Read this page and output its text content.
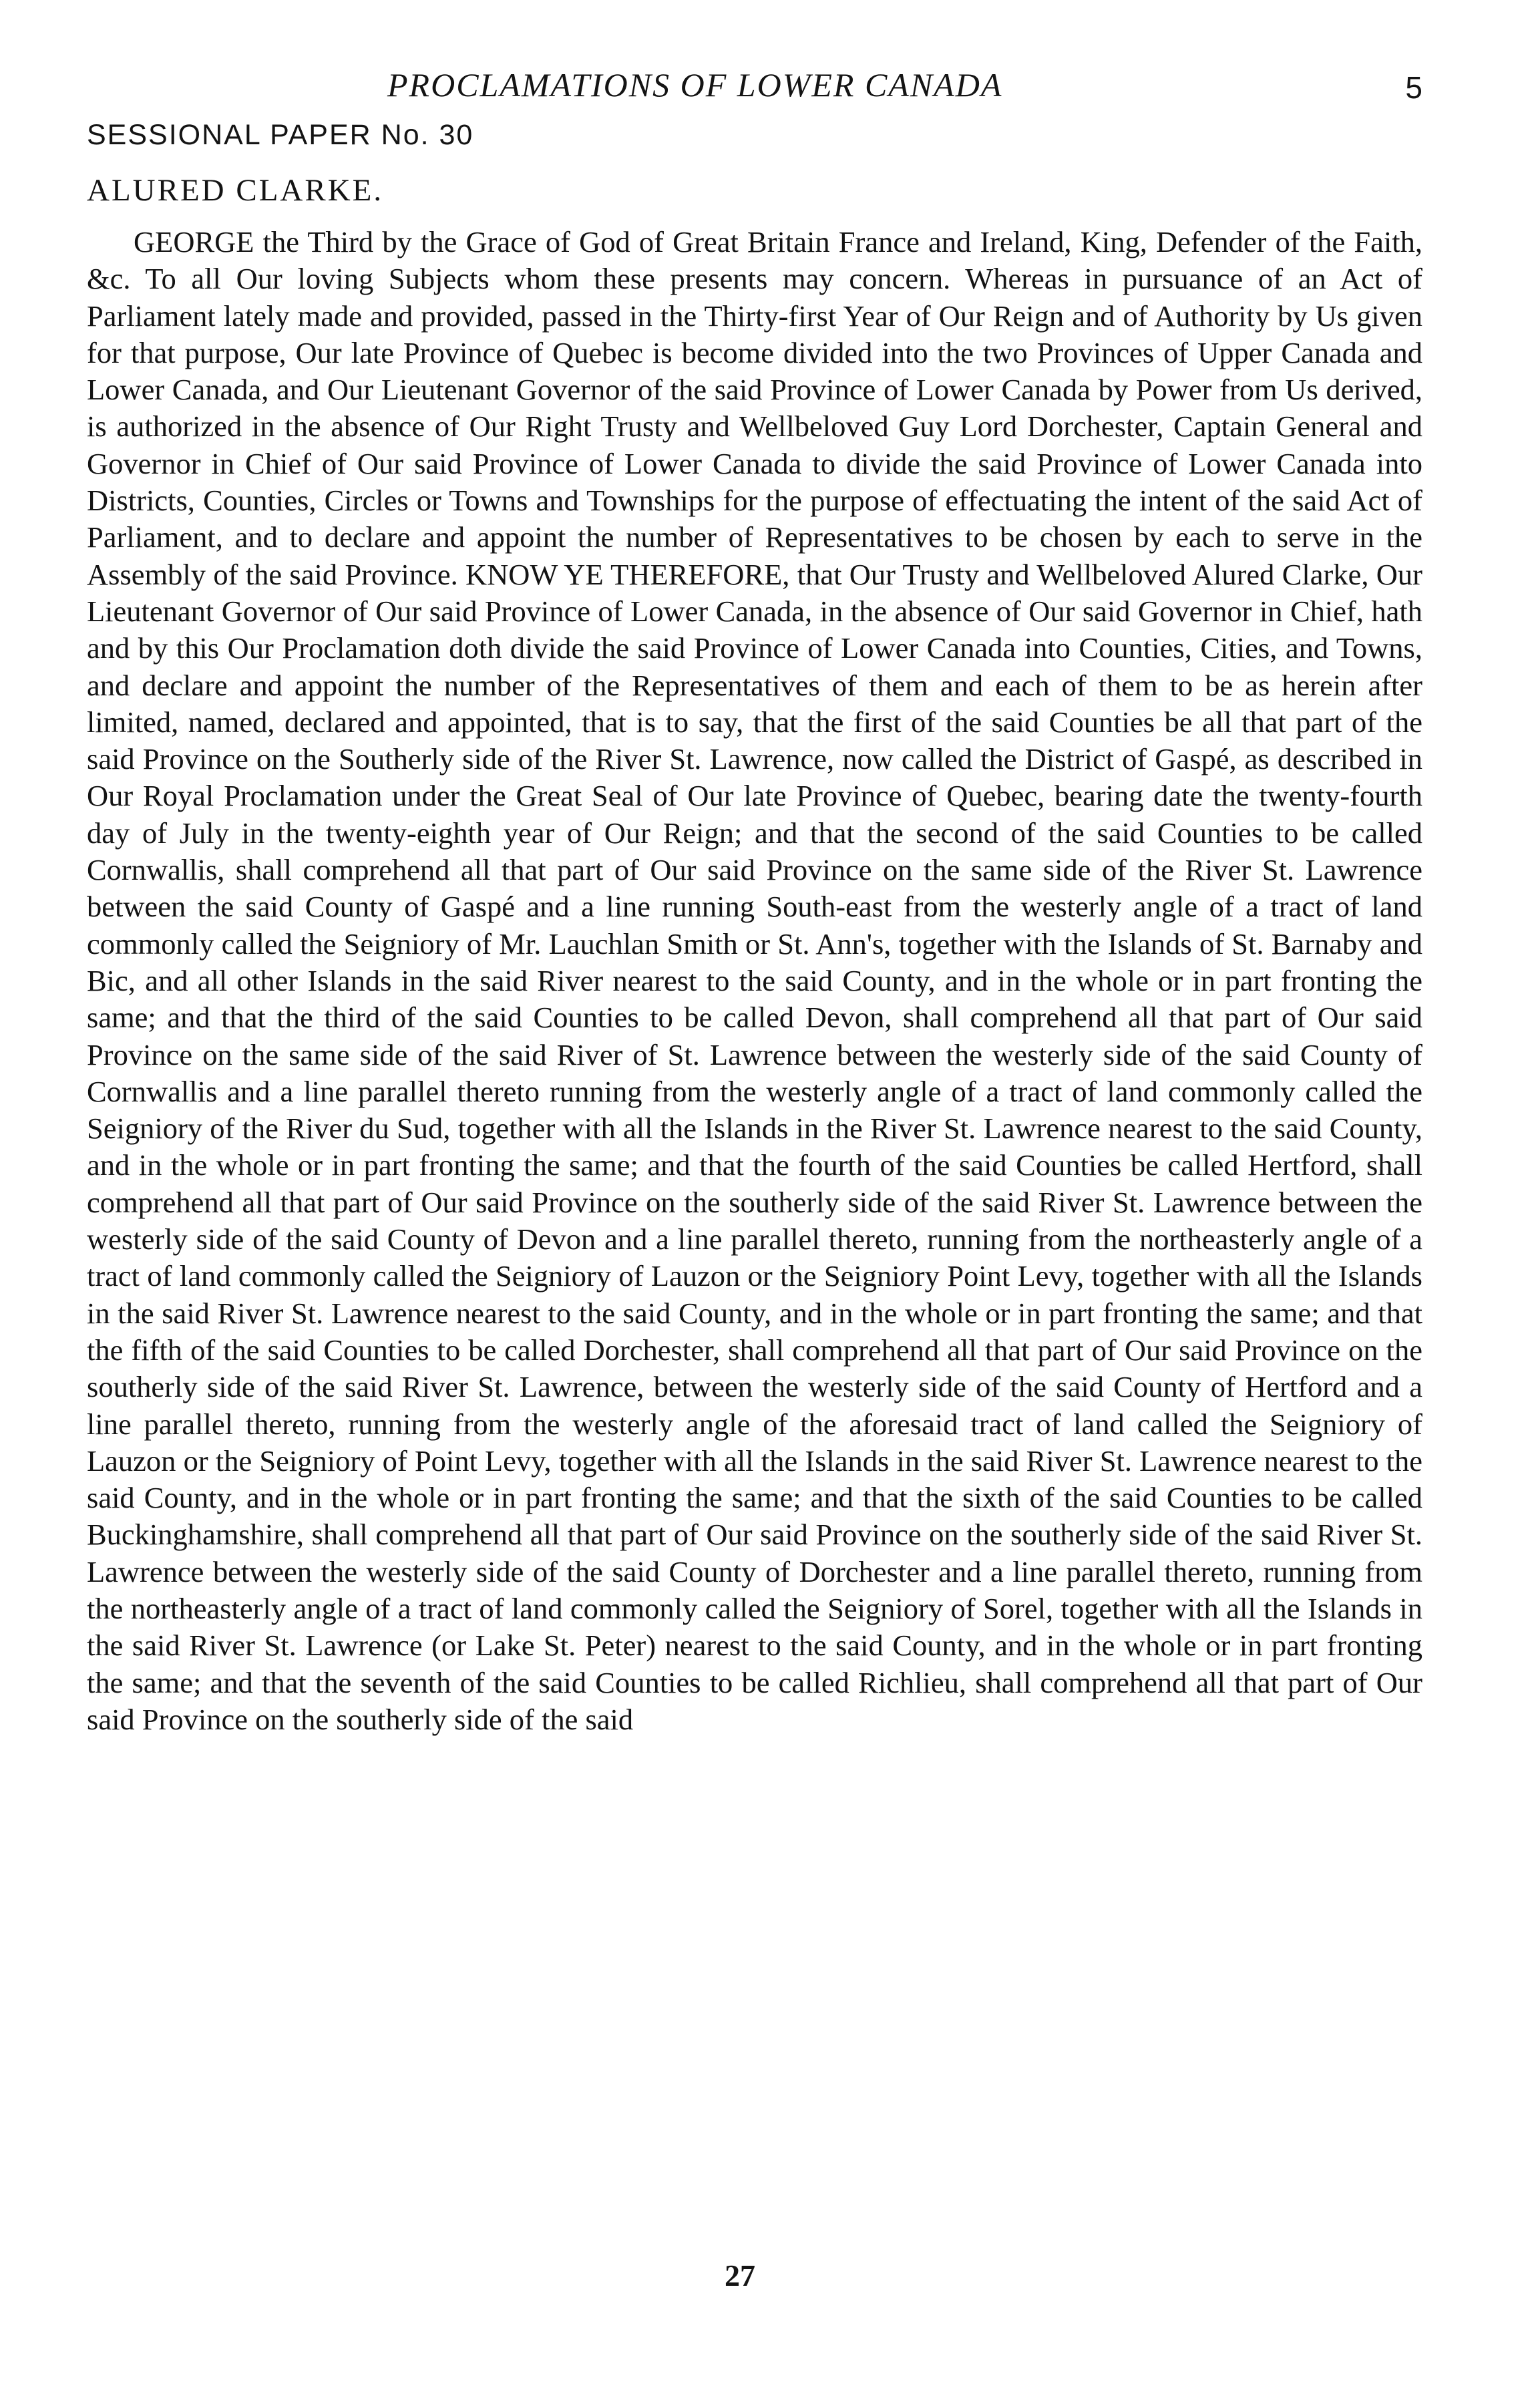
PROCLAMATIONS OF LOWER CANADA	5
SESSIONAL PAPER No. 30
ALURED CLARKE.

GEORGE the Third by the Grace of God of Great Britain France and Ireland, King, Defender of the Faith, &c. To all Our loving Subjects whom these presents may concern. Whereas in pursuance of an Act of Parliament lately made and provided, passed in the Thirty-first Year of Our Reign and of Authority by Us given for that purpose, Our late Province of Quebec is become divided into the two Provinces of Upper Canada and Lower Canada, and Our Lieutenant Governor of the said Province of Lower Canada by Power from Us derived, is authorized in the absence of Our Right Trusty and Wellbeloved Guy Lord Dorchester, Captain General and Governor in Chief of Our said Province of Lower Canada to divide the said Province of Lower Canada into Districts, Counties, Circles or Towns and Townships for the purpose of effectuating the intent of the said Act of Parliament, and to declare and appoint the number of Representatives to be chosen by each to serve in the Assembly of the said Province. KNOW YE THEREFORE, that Our Trusty and Wellbeloved Alured Clarke, Our Lieutenant Governor of Our said Province of Lower Canada, in the absence of Our said Governor in Chief, hath and by this Our Proclamation doth divide the said Province of Lower Canada into Counties, Cities, and Towns, and declare and appoint the number of the Representatives of them and each of them to be as herein after limited, named, declared and appointed, that is to say, that the first of the said Counties be all that part of the said Province on the Southerly side of the River St. Lawrence, now called the District of Gaspé, as described in Our Royal Proclamation under the Great Seal of Our late Province of Quebec, bearing date the twenty-fourth day of July in the twenty-eighth year of Our Reign; and that the second of the said Counties to be called Cornwallis, shall comprehend all that part of Our said Province on the same side of the River St. Lawrence between the said County of Gaspé and a line running South-east from the westerly angle of a tract of land commonly called the Seigniory of Mr. Lauchlan Smith or St. Ann's, together with the Islands of St. Barnaby and Bic, and all other Islands in the said River nearest to the said County, and in the whole or in part fronting the same; and that the third of the said Counties to be called Devon, shall comprehend all that part of Our said Province on the same side of the said River of St. Lawrence between the westerly side of the said County of Cornwallis and a line parallel thereto running from the westerly angle of a tract of land commonly called the Seigniory of the River du Sud, together with all the Islands in the River St. Lawrence nearest to the said County, and in the whole or in part fronting the same; and that the fourth of the said Counties be called Hertford, shall comprehend all that part of Our said Province on the southerly side of the said River St. Lawrence between the westerly side of the said County of Devon and a line parallel thereto, running from the northeasterly angle of a tract of land commonly called the Seigniory of Lauzon or the Seigniory Point Levy, together with all the Islands in the said River St. Lawrence nearest to the said County, and in the whole or in part fronting the same; and that the fifth of the said Counties to be called Dorchester, shall comprehend all that part of Our said Province on the southerly side of the said River St. Lawrence, between the westerly side of the said County of Hertford and a line parallel thereto, running from the westerly angle of the aforesaid tract of land called the Seigniory of Lauzon or the Seigniory of Point Levy, together with all the Islands in the said River St. Lawrence nearest to the said County, and in the whole or in part fronting the same; and that the sixth of the said Counties to be called Buckinghamshire, shall comprehend all that part of Our said Province on the southerly side of the said River St. Lawrence between the westerly side of the said County of Dorchester and a line parallel thereto, running from the northeasterly angle of a tract of land commonly called the Seigniory of Sorel, together with all the Islands in the said River St. Lawrence (or Lake St. Peter) nearest to the said County, and in the whole or in part fronting the same; and that the seventh of the said Counties to be called Richlieu, shall comprehend all that part of Our said Province on the southerly side of the said

27
